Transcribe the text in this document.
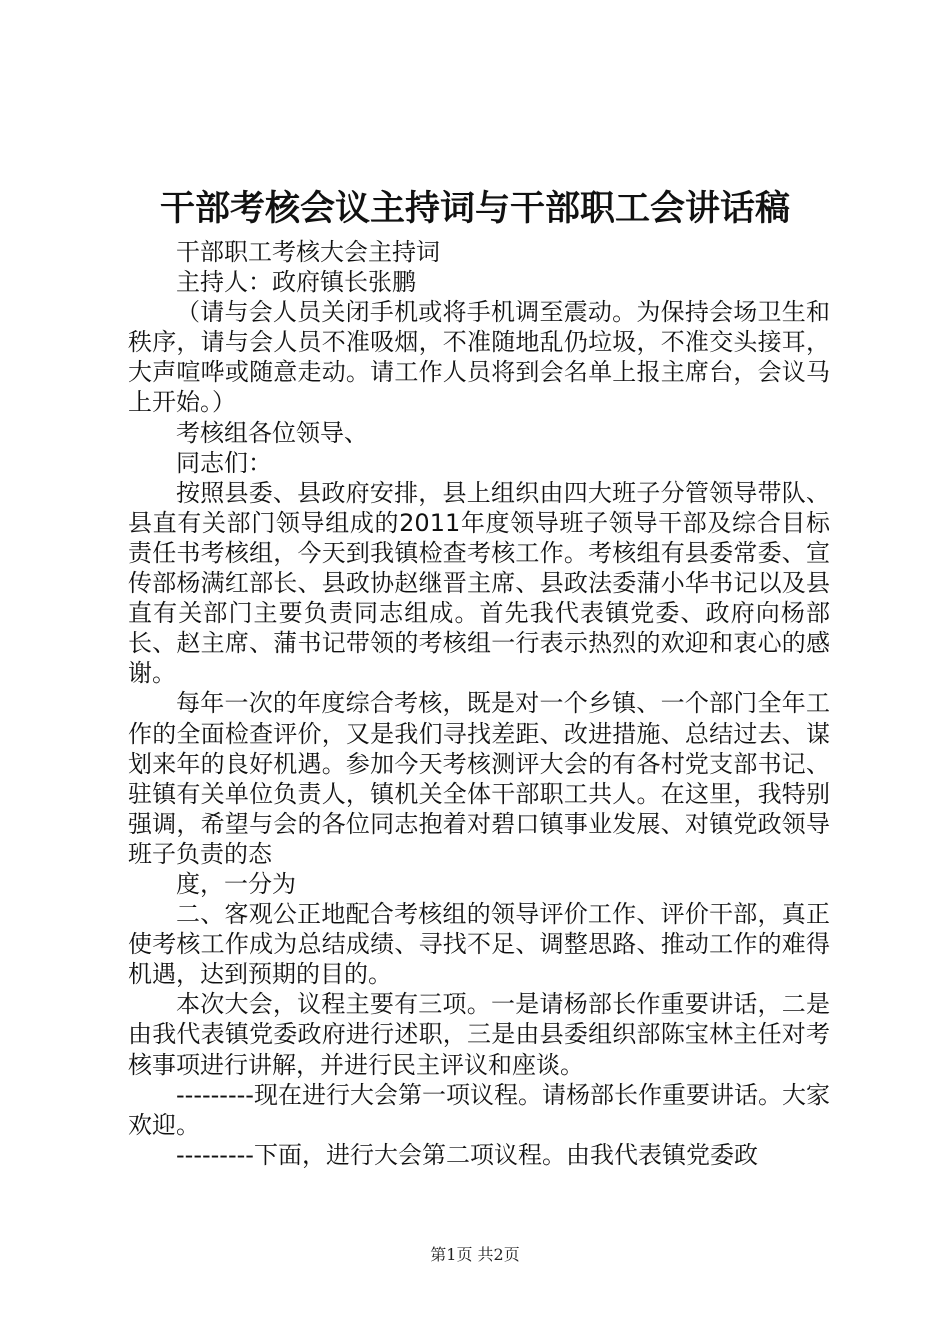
干部考核会议主持词与干部职工会讲话稿

干部职工考核大会主持词

主持人：政府镇长张鹏

（请与会人员关闭手机或将手机调至震动。为保持会场卫生和秩序，请与会人员不准吸烟，不准随地乱仍垃圾，不准交头接耳，大声喧哗或随意走动。请工作人员将到会名单上报主席台，会议马上开始。）

考核组各位领导、

同志们：

按照县委、县政府安排，县上组织由四大班子分管领导带队、县直有关部门领导组成的2011年度领导班子领导干部及综合目标责任书考核组，今天到我镇检查考核工作。考核组有县委常委、宣传部杨满红部长、县政协赵继晋主席、县政法委蒲小华书记以及县直有关部门主要负责同志组成。首先我代表镇党委、政府向杨部长、赵主席、蒲书记带领的考核组一行表示热烈的欢迎和衷心的感谢。

每年一次的年度综合考核，既是对一个乡镇、一个部门全年工作的全面检查评价，又是我们寻找差距、改进措施、总结过去、谋划来年的良好机遇。参加今天考核测评大会的有各村党支部书记、驻镇有关单位负责人，镇机关全体干部职工共人。在这里，我特别强调，希望与会的各位同志抱着对碧口镇事业发展、对镇党政领导班子负责的态

度，一分为

二、客观公正地配合考核组的领导评价工作、评价干部，真正使考核工作成为总结成绩、寻找不足、调整思路、推动工作的难得机遇，达到预期的目的。

本次大会，议程主要有三项。一是请杨部长作重要讲话，二是由我代表镇党委政府进行述职，三是由县委组织部陈宝林主任对考核事项进行讲解，并进行民主评议和座谈。

---------现在进行大会第一项议程。请杨部长作重要讲话。大家欢迎。

---------下面，进行大会第二项议程。由我代表镇党委政

第1页 共2页
